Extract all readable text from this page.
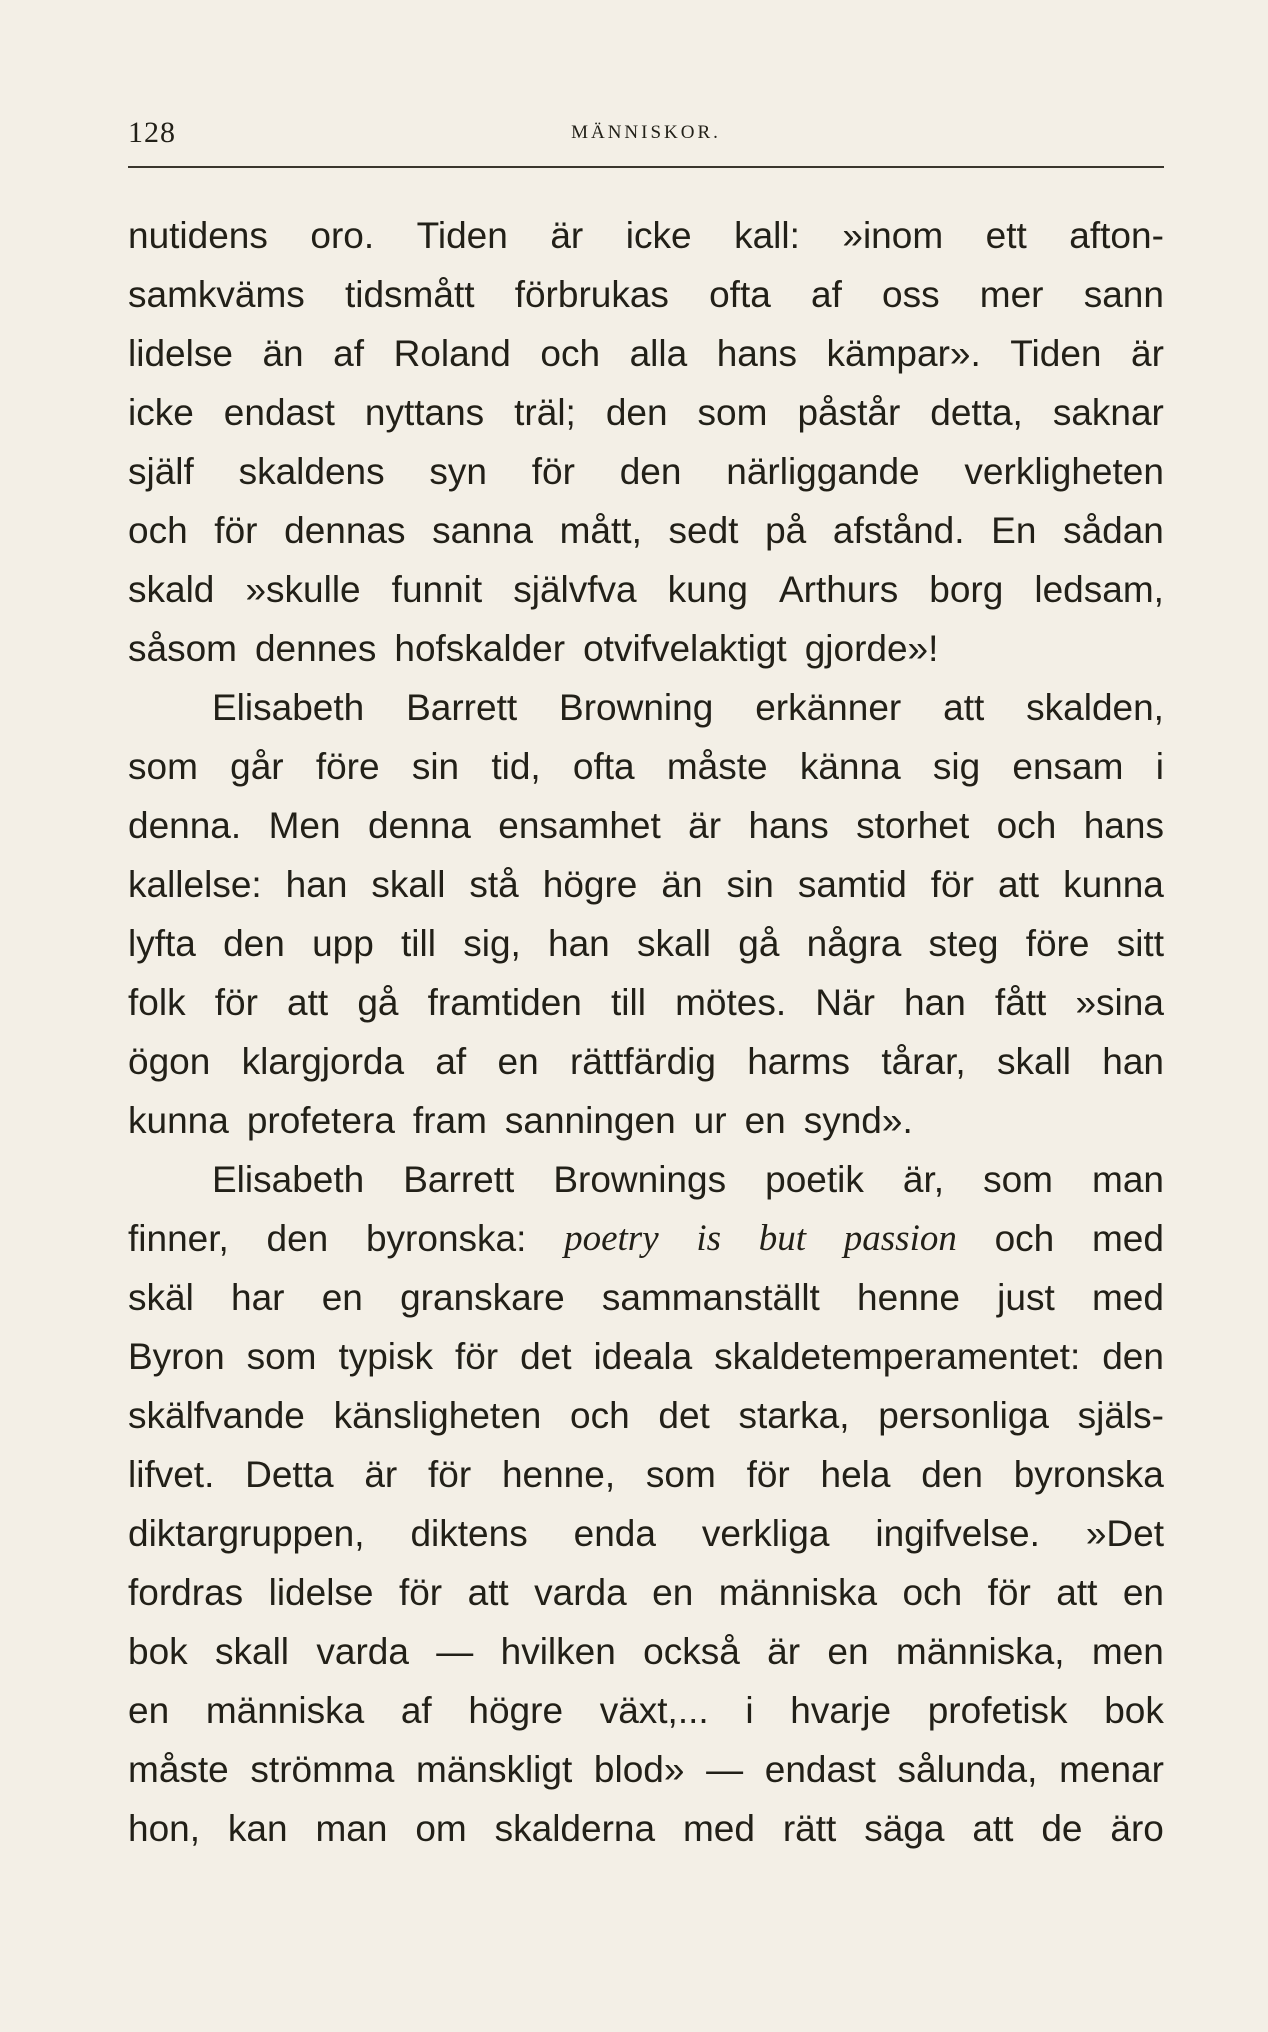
128	MÄNNISKOR.
nutidens oro. Tiden är icke kall: »inom ett afton-
samkväms tidsmått förbrukas ofta af oss mer sann
lidelse än af Roland och alla hans kämpar». Tiden är
icke endast nyttans träl; den som påstår detta, saknar
själf skaldens syn för den närliggande verkligheten
och för dennas sanna mått, sedt på afstånd. En sådan
skald »skulle funnit självfva kung Arthurs borg ledsam,
såsom dennes hofskalder otvifvelaktigt gjorde»!
Elisabeth Barrett Browning erkänner att skalden,
som går före sin tid, ofta måste känna sig ensam i
denna. Men denna ensamhet är hans storhet och hans
kallelse: han skall stå högre än sin samtid för att kunna
lyfta den upp till sig, han skall gå några steg före sitt
folk för att gå framtiden till mötes. När han fått »sina
ögon klargjorda af en rättfärdig harms tårar, skall han
kunna profetera fram sanningen ur en synd».
Elisabeth Barrett Brownings poetik är, som man
finner, den byronska: poetry is but passion och med
skäl har en granskare sammanställt henne just med
Byron som typisk för det ideala skaldetemperamentet: den
skälfvande känsligheten och det starka, personliga själs-
lifvet. Detta är för henne, som för hela den byronska
diktargruppen, diktens enda verkliga ingifvelse. »Det
fordras lidelse för att varda en människa och för att en
bok skall varda — hvilken också är en människa, men
en människa af högre växt,... i hvarje profetisk bok
måste strömma mänskligt blod» — endast sålunda, menar
hon, kan man om skalderna med rätt säga att de äro
